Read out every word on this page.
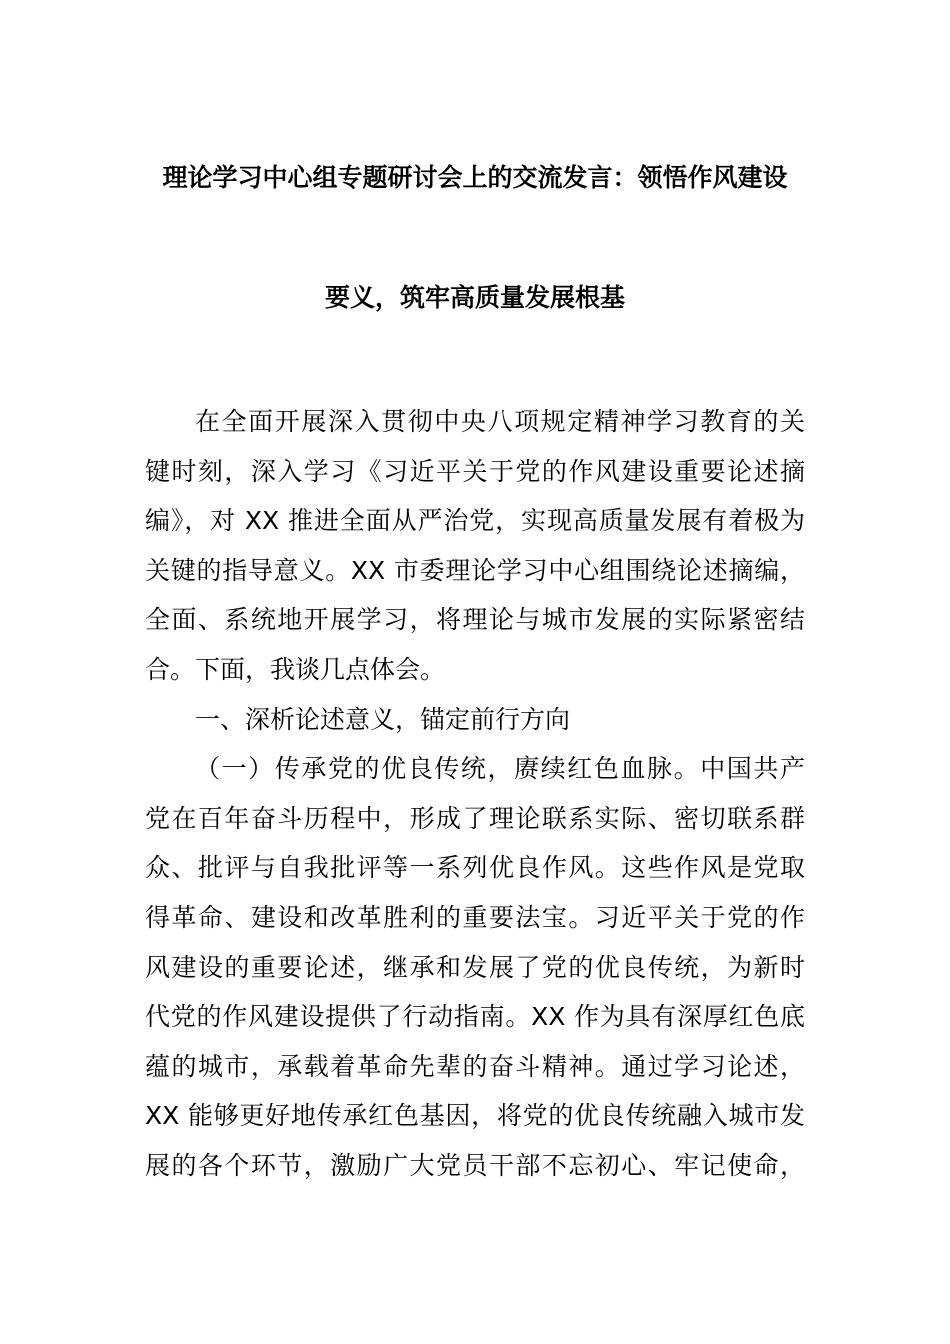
理论学习中心组专题研讨会上的交流发言：领悟作风建设
要义，筑牢高质量发展根基
在全面开展深入贯彻中央八项规定精神学习教育的关
键时刻，深入学习《习近平关于党的作风建设重要论述摘
编》，对 XX 推进全面从严治党，实现高质量发展有着极为
关键的指导意义。XX 市委理论学习中心组围绕论述摘编，
全面、系统地开展学习，将理论与城市发展的实际紧密结
合。下面，我谈几点体会。
一、深析论述意义，锚定前行方向
（一）传承党的优良传统，赓续红色血脉。中国共产
党在百年奋斗历程中，形成了理论联系实际、密切联系群
众、批评与自我批评等一系列优良作风。这些作风是党取
得革命、建设和改革胜利的重要法宝。习近平关于党的作
风建设的重要论述，继承和发展了党的优良传统，为新时
代党的作风建设提供了行动指南。XX 作为具有深厚红色底
蕴的城市，承载着革命先辈的奋斗精神。通过学习论述，
XX 能够更好地传承红色基因，将党的优良传统融入城市发
展的各个环节，激励广大党员干部不忘初心、牢记使命，
